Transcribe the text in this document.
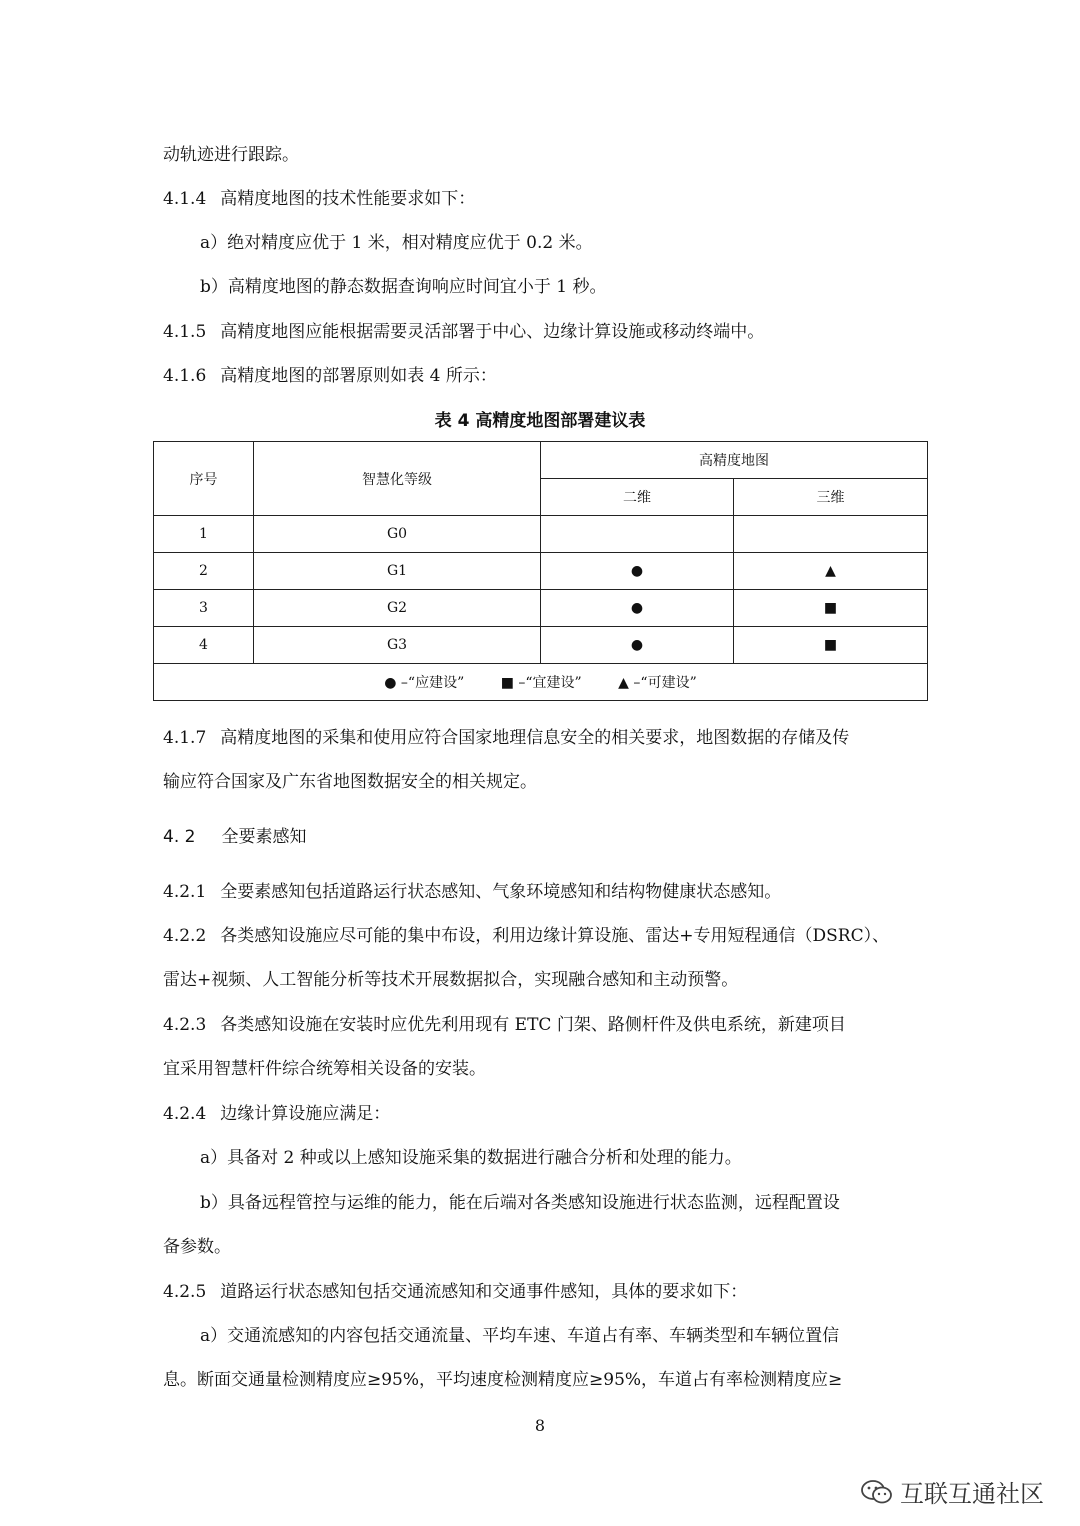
动轨迹进行跟踪。
4.1.4 高精度地图的技术性能要求如下：
a）绝对精度应优于 1 米，相对精度应优于 0.2 米。
b）高精度地图的静态数据查询响应时间宜小于 1 秒。
4.1.5 高精度地图应能根据需要灵活部署于中心、边缘计算设施或移动终端中。
4.1.6 高精度地图的部署原则如表 4 所示：
表 4 高精度地图部署建议表
序号	智慧化等级	高精度地图	
		二维	三维
1	G0		
2	G1	●	▲
3	G2	●	■
4	G3	●	■
● –“应建设” ■ –“宜建设” ▲ –“可建设”			
4.1.7 高精度地图的采集和使用应符合国家地理信息安全的相关要求，地图数据的存储及传
输应符合国家及广东省地图数据安全的相关规定。
4. 2 全要素感知
4.2.1 全要素感知包括道路运行状态感知、气象环境感知和结构物健康状态感知。
4.2.2 各类感知设施应尽可能的集中布设，利用边缘计算设施、雷达+专用短程通信（DSRC）、
雷达+视频、人工智能分析等技术开展数据拟合，实现融合感知和主动预警。
4.2.3 各类感知设施在安装时应优先利用现有 ETC 门架、路侧杆件及供电系统，新建项目
宜采用智慧杆件综合统筹相关设备的安装。
4.2.4 边缘计算设施应满足：
a）具备对 2 种或以上感知设施采集的数据进行融合分析和处理的能力。
b）具备远程管控与运维的能力，能在后端对各类感知设施进行状态监测，远程配置设
备参数。
4.2.5 道路运行状态感知包括交通流感知和交通事件感知，具体的要求如下：
a）交通流感知的内容包括交通流量、平均车速、车道占有率、车辆类型和车辆位置信
息。断面交通量检测精度应≥95%，平均速度检测精度应≥95%，车道占有率检测精度应≥
8
互联互通社区
